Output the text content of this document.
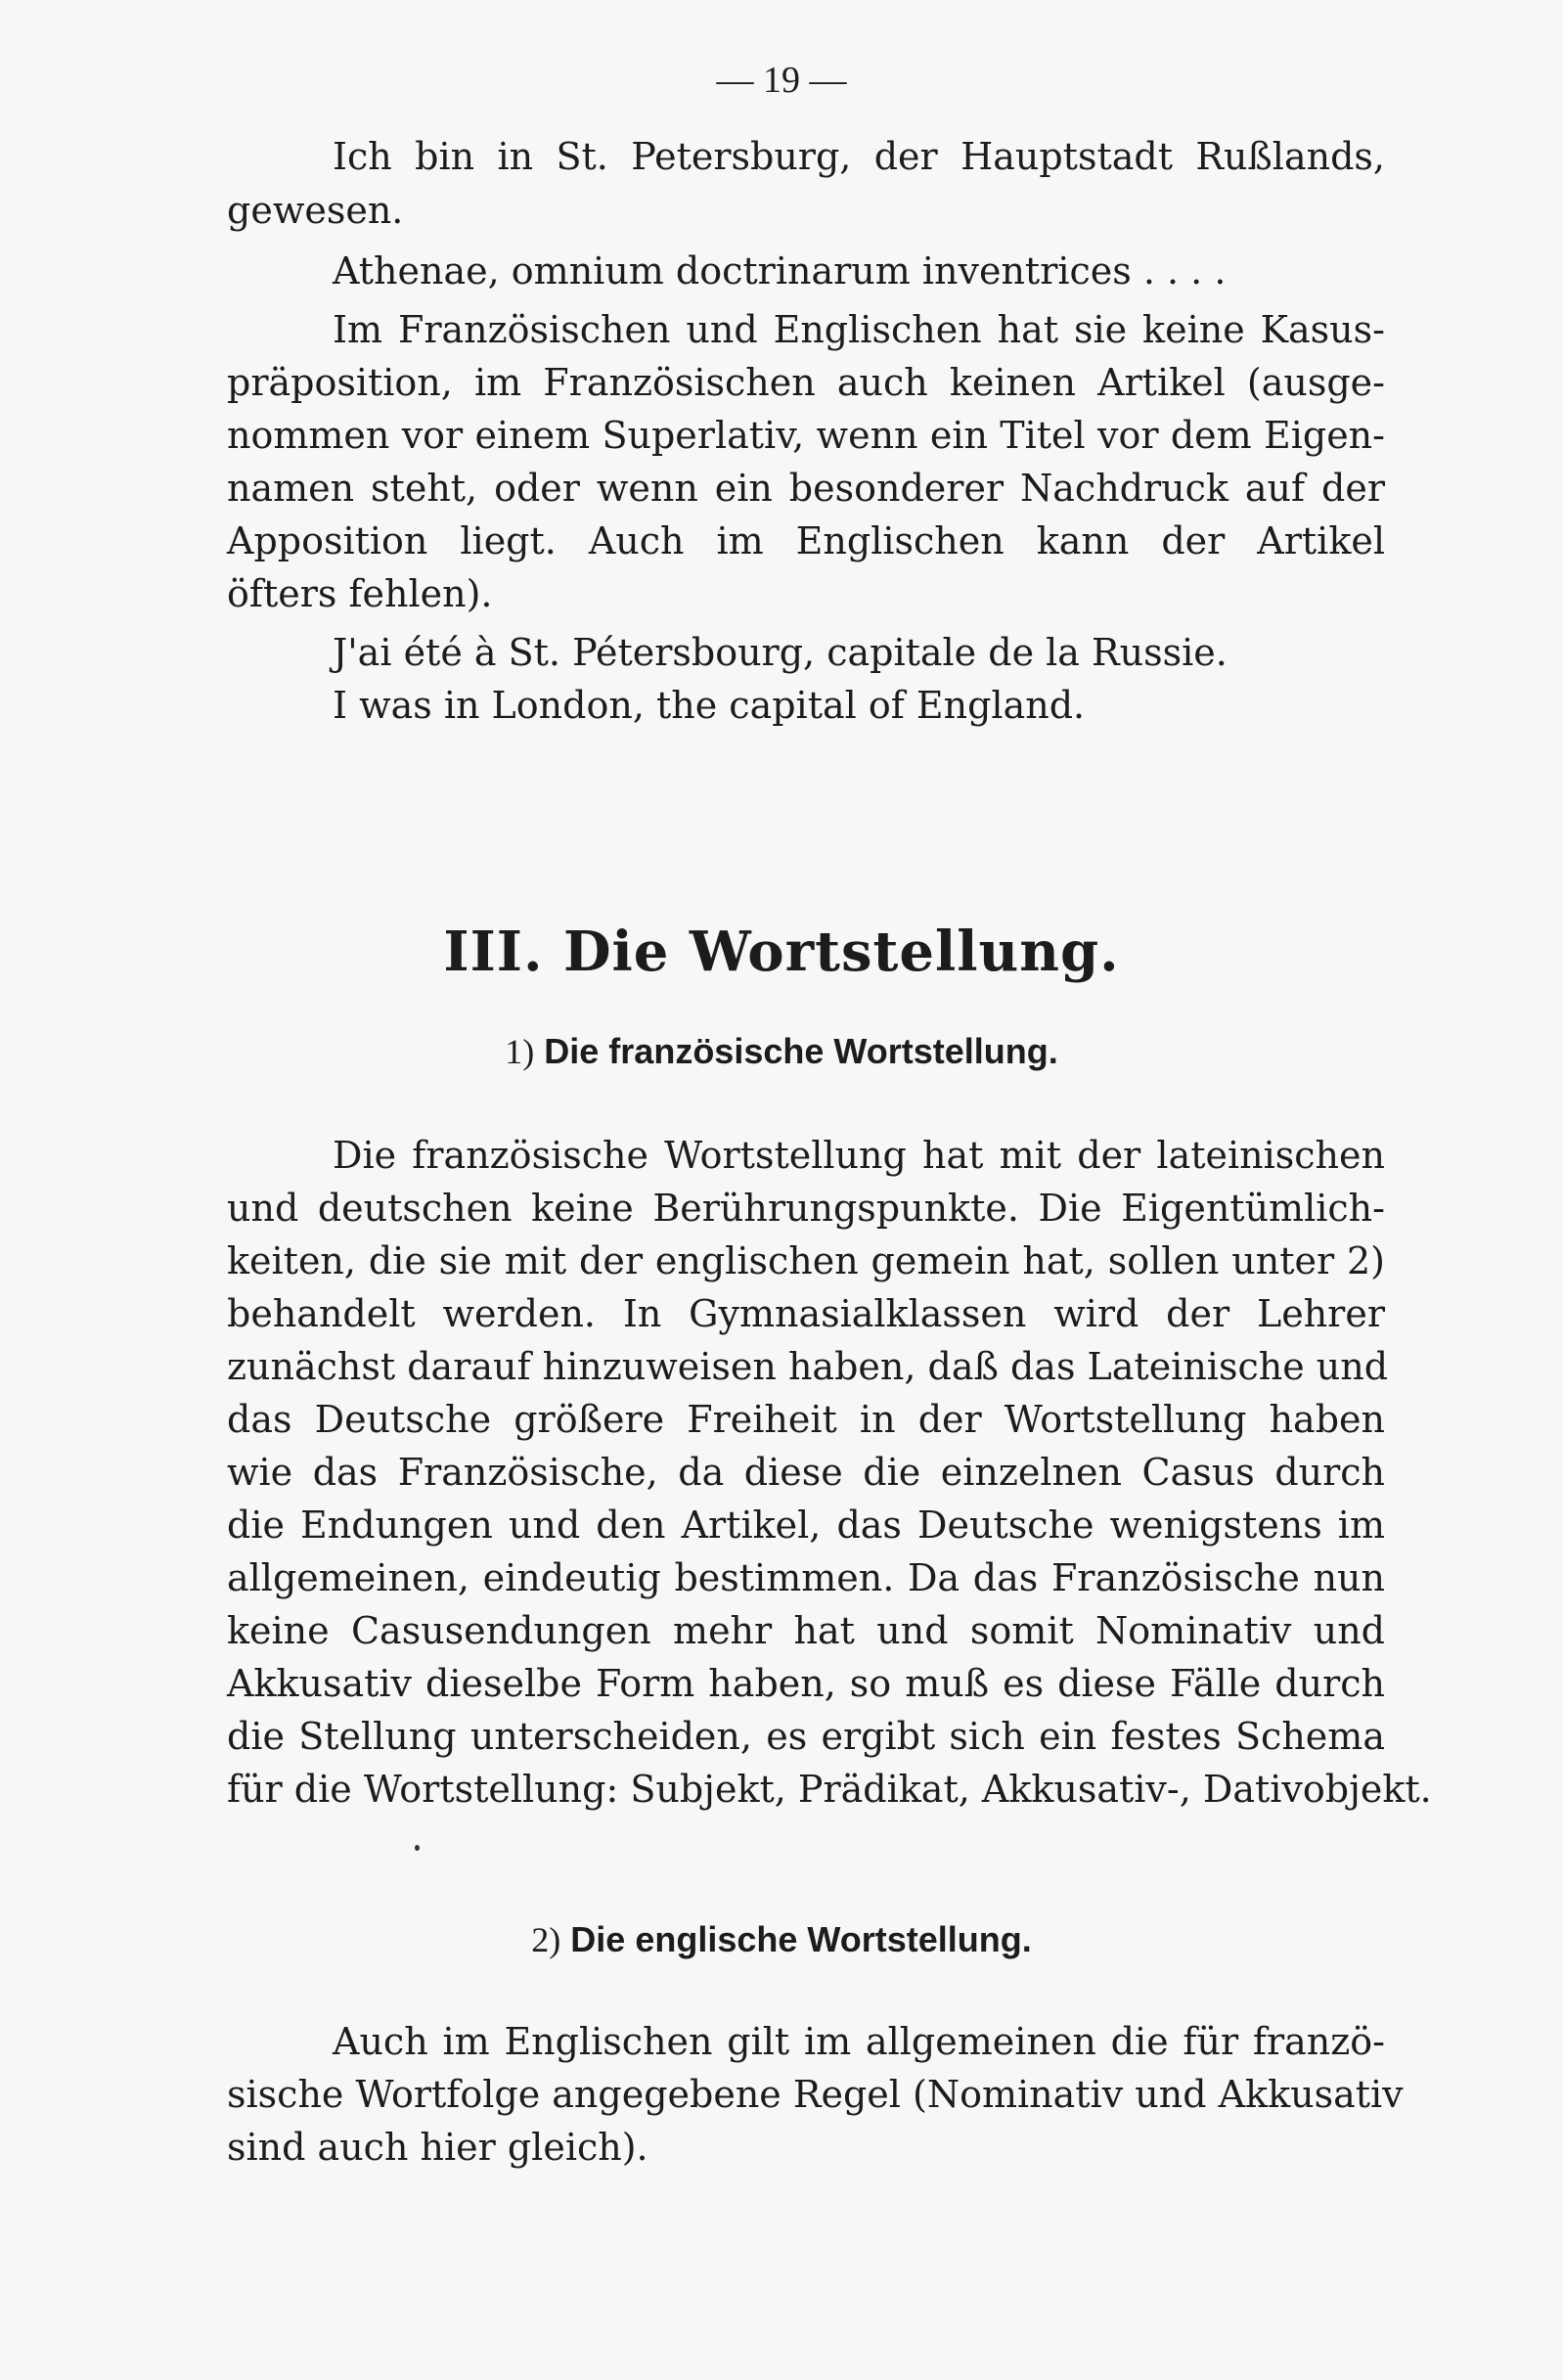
— 19 —
Ich bin in St. Petersburg, der Hauptstadt Rußlands,
gewesen.
Athenae, omnium doctrinarum inventrices . . . .
Im Französischen und Englischen hat sie keine Kasus-
präposition, im Französischen auch keinen Artikel (ausge-
nommen vor einem Superlativ, wenn ein Titel vor dem Eigen-
namen steht, oder wenn ein besonderer Nachdruck auf der
Apposition liegt. Auch im Englischen kann der Artikel
öfters fehlen).
J'ai été à St. Pétersbourg, capitale de la Russie.
I was in London, the capital of England.
III. Die Wortstellung.
1) Die französische Wortstellung.
Die französische Wortstellung hat mit der lateinischen
und deutschen keine Berührungspunkte. Die Eigentümlich-
keiten, die sie mit der englischen gemein hat, sollen unter 2)
behandelt werden. In Gymnasialklassen wird der Lehrer
zunächst darauf hinzuweisen haben, daß das Lateinische und
das Deutsche größere Freiheit in der Wortstellung haben
wie das Französische, da diese die einzelnen Casus durch
die Endungen und den Artikel, das Deutsche wenigstens im
allgemeinen, eindeutig bestimmen. Da das Französische nun
keine Casusendungen mehr hat und somit Nominativ und
Akkusativ dieselbe Form haben, so muß es diese Fälle durch
die Stellung unterscheiden, es ergibt sich ein festes Schema
für die Wortstellung: Subjekt, Prädikat, Akkusativ-, Dativobjekt.
2) Die englische Wortstellung.
Auch im Englischen gilt im allgemeinen die für franzö-
sische Wortfolge angegebene Regel (Nominativ und Akkusativ
sind auch hier gleich).
